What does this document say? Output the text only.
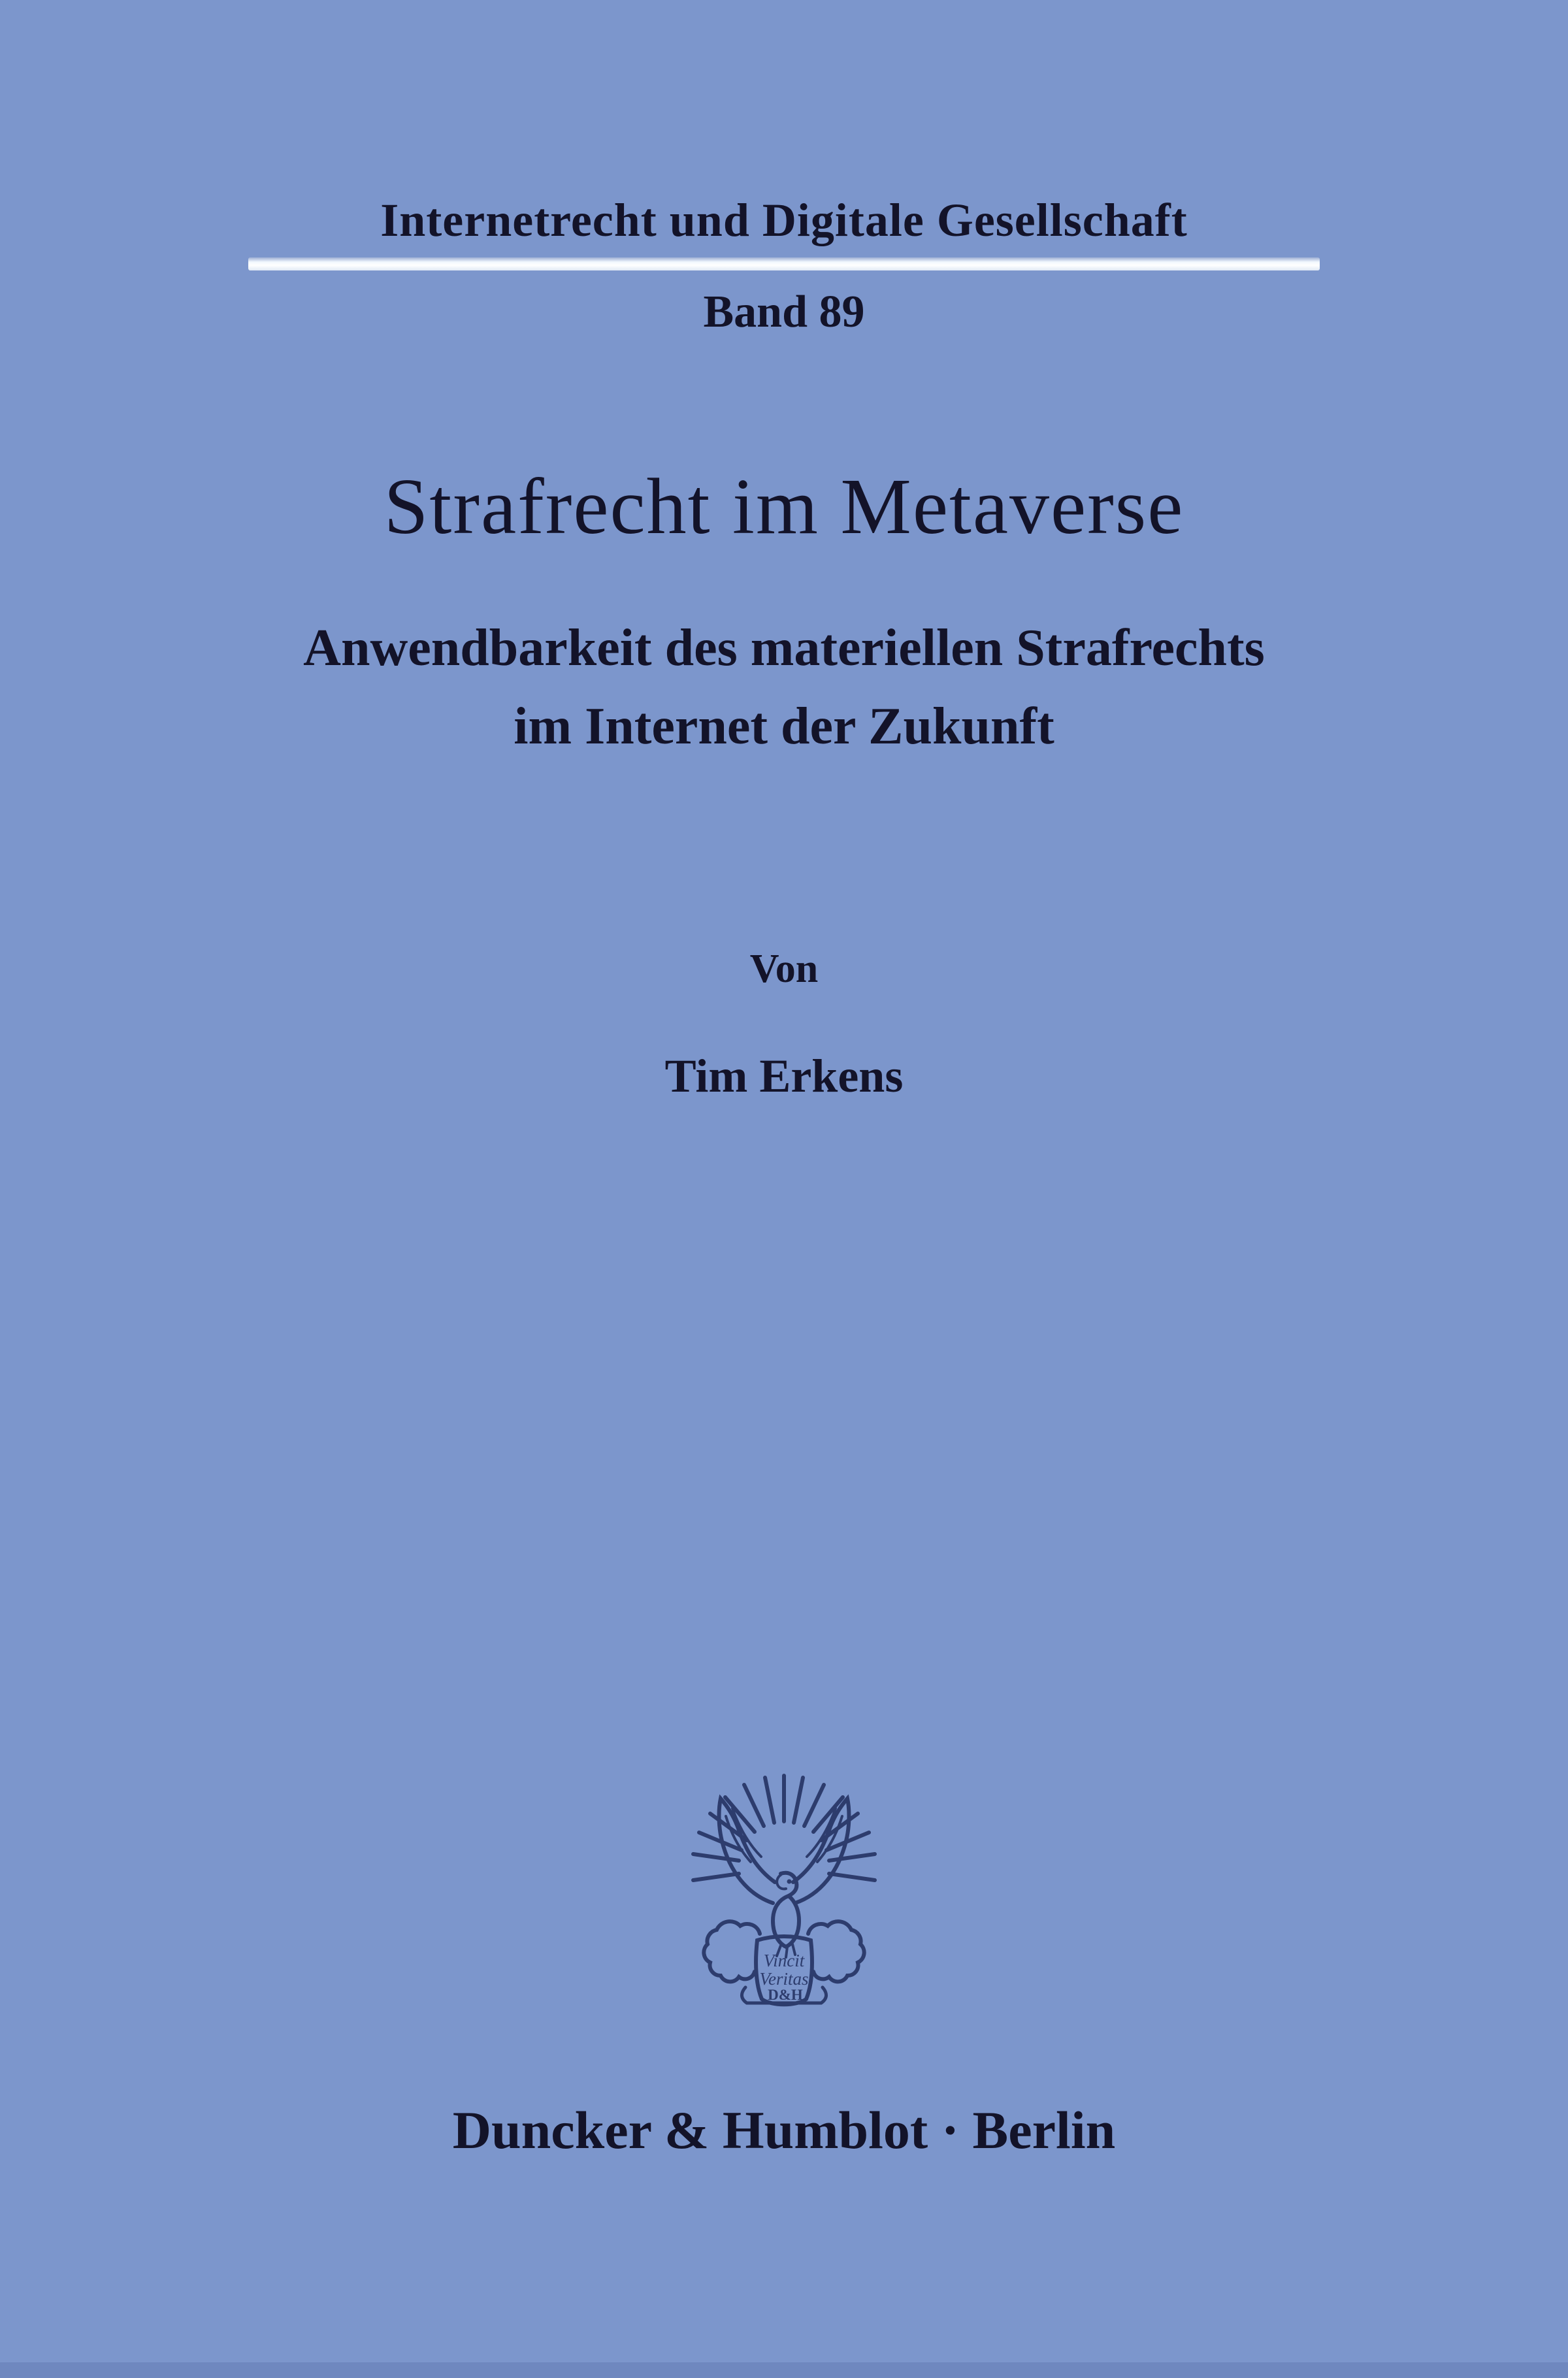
Internetrecht und Digitale Gesellschaft
Band 89
Strafrecht im Metaverse
Anwendbarkeit des materiellen Strafrechts
im Internet der Zukunft
Von
Tim Erkens
Vincit
Veritas
D&H
Duncker & Humblot · Berlin
